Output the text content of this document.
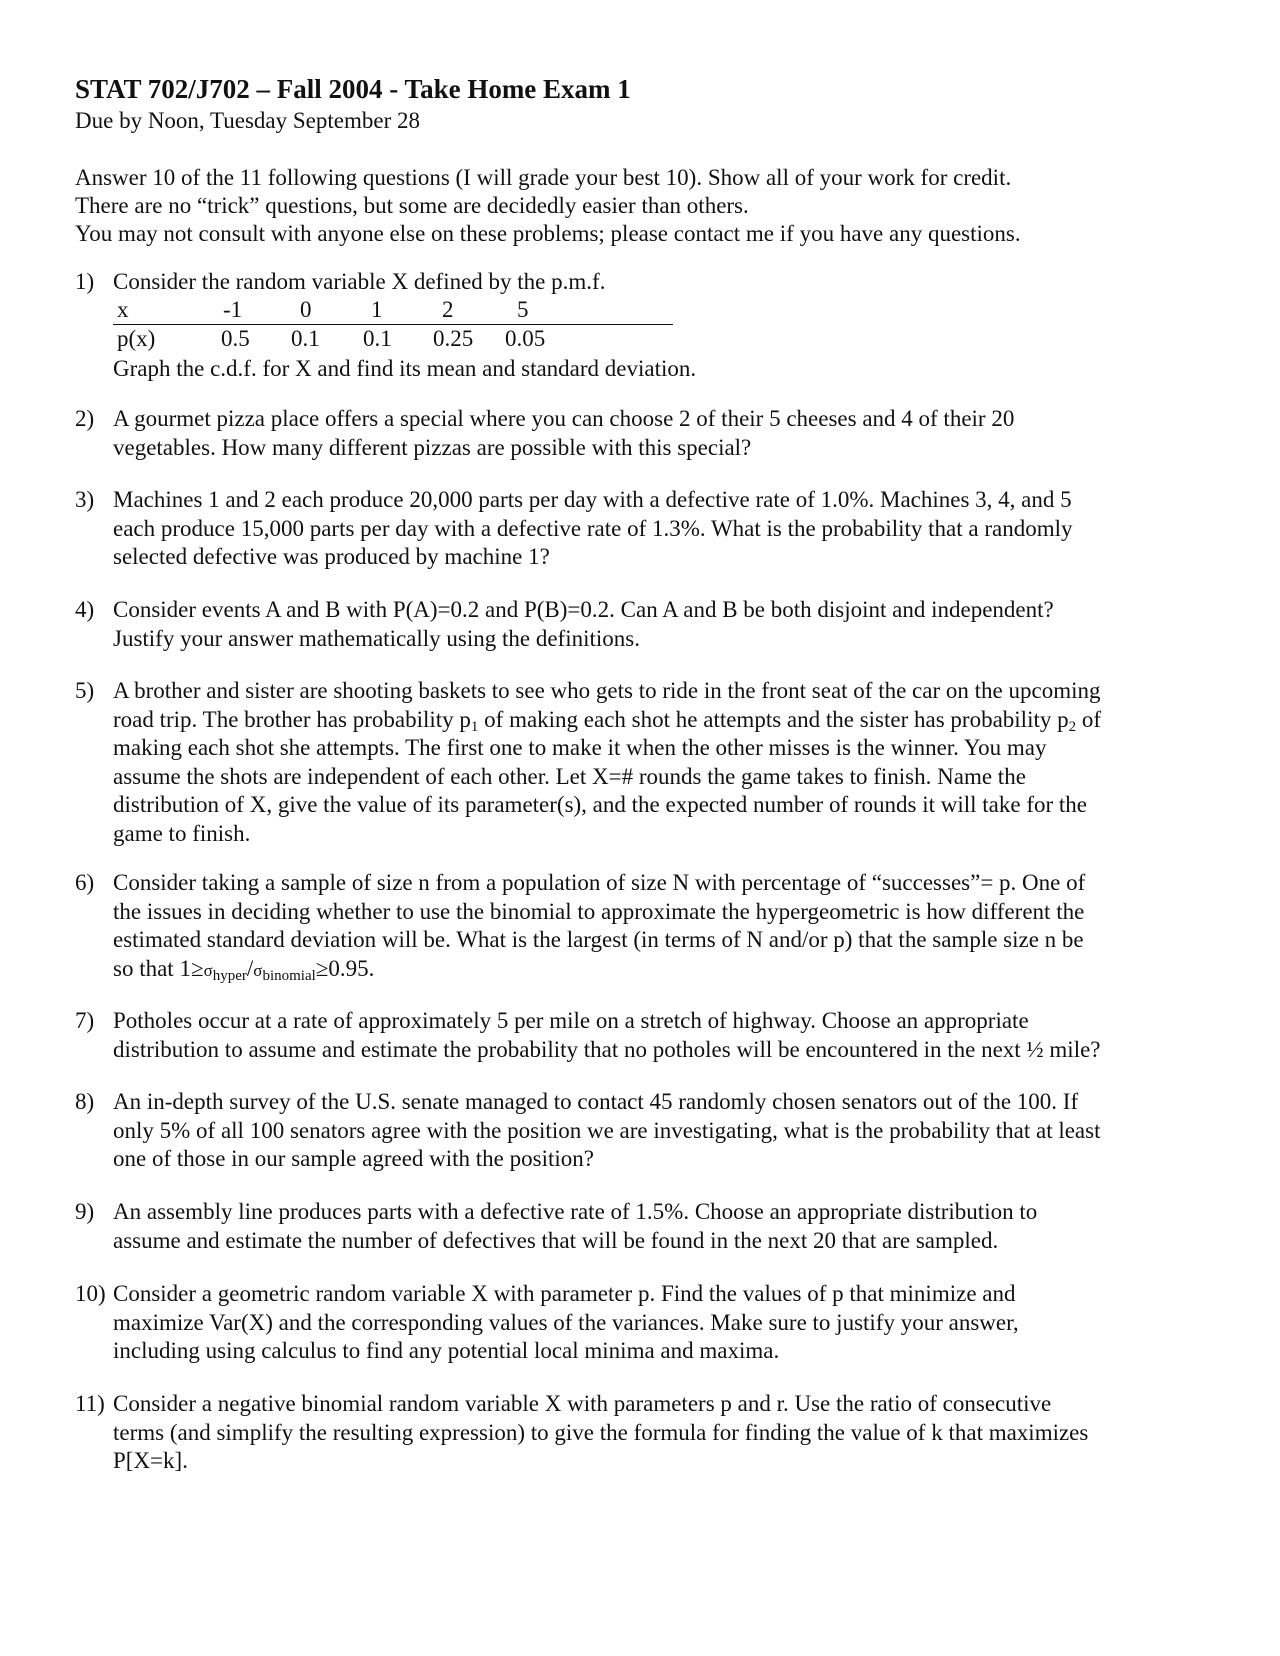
STAT 702/J702 – Fall 2004 - Take Home Exam 1
Due by Noon, Tuesday September 28
Answer 10 of the 11 following questions (I will grade your best 10). Show all of your work for credit.
There are no “trick” questions, but some are decidedly easier than others.
You may not consult with anyone else on these problems; please contact me if you have any questions.
1) Consider the random variable X defined by the p.m.f.
x	-1	0	1	2	5
p(x)	0.5 0.1 0.1 0.25 0.05
Graph the c.d.f. for X and find its mean and standard deviation.
2) A gourmet pizza place offers a special where you can choose 2 of their 5 cheeses and 4 of their 20
vegetables. How many different pizzas are possible with this special?
3) Machines 1 and 2 each produce 20,000 parts per day with a defective rate of 1.0%. Machines 3, 4, and 5
each produce 15,000 parts per day with a defective rate of 1.3%. What is the probability that a randomly
selected defective was produced by machine 1?
4) Consider events A and B with P(A)=0.2 and P(B)=0.2. Can A and B be both disjoint and independent?
Justify your answer mathematically using the definitions.
5) A brother and sister are shooting baskets to see who gets to ride in the front seat of the car on the upcoming
road trip. The brother has probability $p_1$ of making each shot he attempts and the sister has probability $p_2$ of
making each shot she attempts. The first one to make it when the other misses is the winner. You may
assume the shots are independent of each other. Let X=# rounds the game takes to finish. Name the
distribution of X, give the value of its parameter(s), and the expected number of rounds it will take for the
game to finish.
6) Consider taking a sample of size n from a population of size N with percentage of “successes”= p. One of
the issues in deciding whether to use the binomial to approximate the hypergeometric is how different the
estimated standard deviation will be. What is the largest (in terms of N and/or p) that the sample size n be
so that $1\ge\sigma_{hyper}/\sigma_{binomial}\ge 0.95$.
7) Potholes occur at a rate of approximately 5 per mile on a stretch of highway. Choose an appropriate
distribution to assume and estimate the probability that no potholes will be encountered in the next ½ mile?
8) An in-depth survey of the U.S. senate managed to contact 45 randomly chosen senators out of the 100. If
only 5% of all 100 senators agree with the position we are investigating, what is the probability that at least
one of those in our sample agreed with the position?
9) An assembly line produces parts with a defective rate of 1.5%. Choose an appropriate distribution to
assume and estimate the number of defectives that will be found in the next 20 that are sampled.
10) Consider a geometric random variable X with parameter p. Find the values of p that minimize and
maximize Var(X) and the corresponding values of the variances. Make sure to justify your answer,
including using calculus to find any potential local minima and maxima.
11) Consider a negative binomial random variable X with parameters p and r. Use the ratio of consecutive
terms (and simplify the resulting expression) to give the formula for finding the value of k that maximizes
P[X=k].
